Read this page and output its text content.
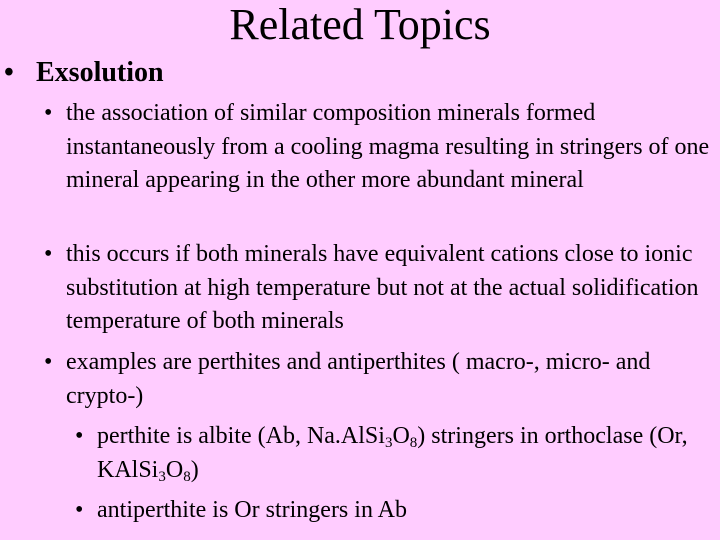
Related Topics
• Exsolution
• the association of similar composition minerals formed instantaneously from a cooling magma resulting in stringers of one mineral appearing in the other more abundant mineral
• this occurs if both minerals have equivalent cations close to ionic substitution at high temperature but not at the actual solidification temperature of both minerals
• examples are perthites and antiperthites ( macro-, micro- and crypto-)
• perthite is albite (Ab, $Na.AlSi_3O_8$) stringers in orthoclase (Or, $KAlSi_3O_8$)
• antiperthite is Or stringers in Ab
